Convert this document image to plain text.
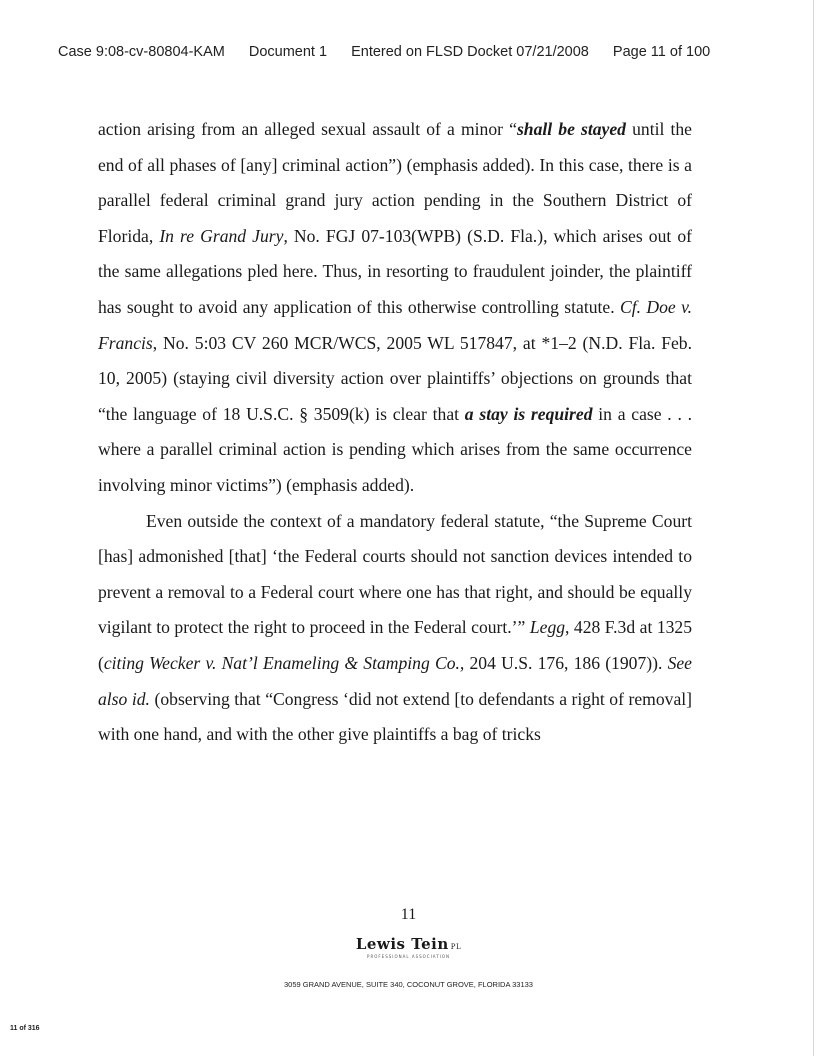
Case 9:08-cv-80804-KAM Document 1 Entered on FLSD Docket 07/21/2008 Page 11 of 100

action arising from an alleged sexual assault of a minor “shall be stayed until the end of all phases of [any] criminal action”) (emphasis added). In this case, there is a parallel federal criminal grand jury action pending in the Southern District of Florida, In re Grand Jury, No. FGJ 07-103(WPB) (S.D. Fla.), which arises out of the same allegations pled here. Thus, in resorting to fraudulent joinder, the plaintiff has sought to avoid any application of this otherwise controlling statute. Cf. Doe v. Francis, No. 5:03 CV 260 MCR/WCS, 2005 WL 517847, at *1–2 (N.D. Fla. Feb. 10, 2005) (staying civil diversity action over plaintiffs’ objections on grounds that “the language of 18 U.S.C. § 3509(k) is clear that a stay is required in a case . . . where a parallel criminal action is pending which arises from the same occurrence involving minor victims”) (emphasis added).

Even outside the context of a mandatory federal statute, “the Supreme Court [has] admonished [that] ‘the Federal courts should not sanction devices intended to prevent a removal to a Federal court where one has that right, and should be equally vigilant to protect the right to proceed in the Federal court.’” Legg, 428 F.3d at 1325 (citing Wecker v. Nat’l Enameling & Stamping Co., 204 U.S. 176, 186 (1907)). See also id. (observing that “Congress ‘did not extend [to defendants a right of removal] with one hand, and with the other give plaintiffs a bag of tricks

11
Lewis Tein PL
PROFESSIONAL ASSOCIATION
3059 GRAND AVENUE, SUITE 340, COCONUT GROVE, FLORIDA 33133
11 of 316
